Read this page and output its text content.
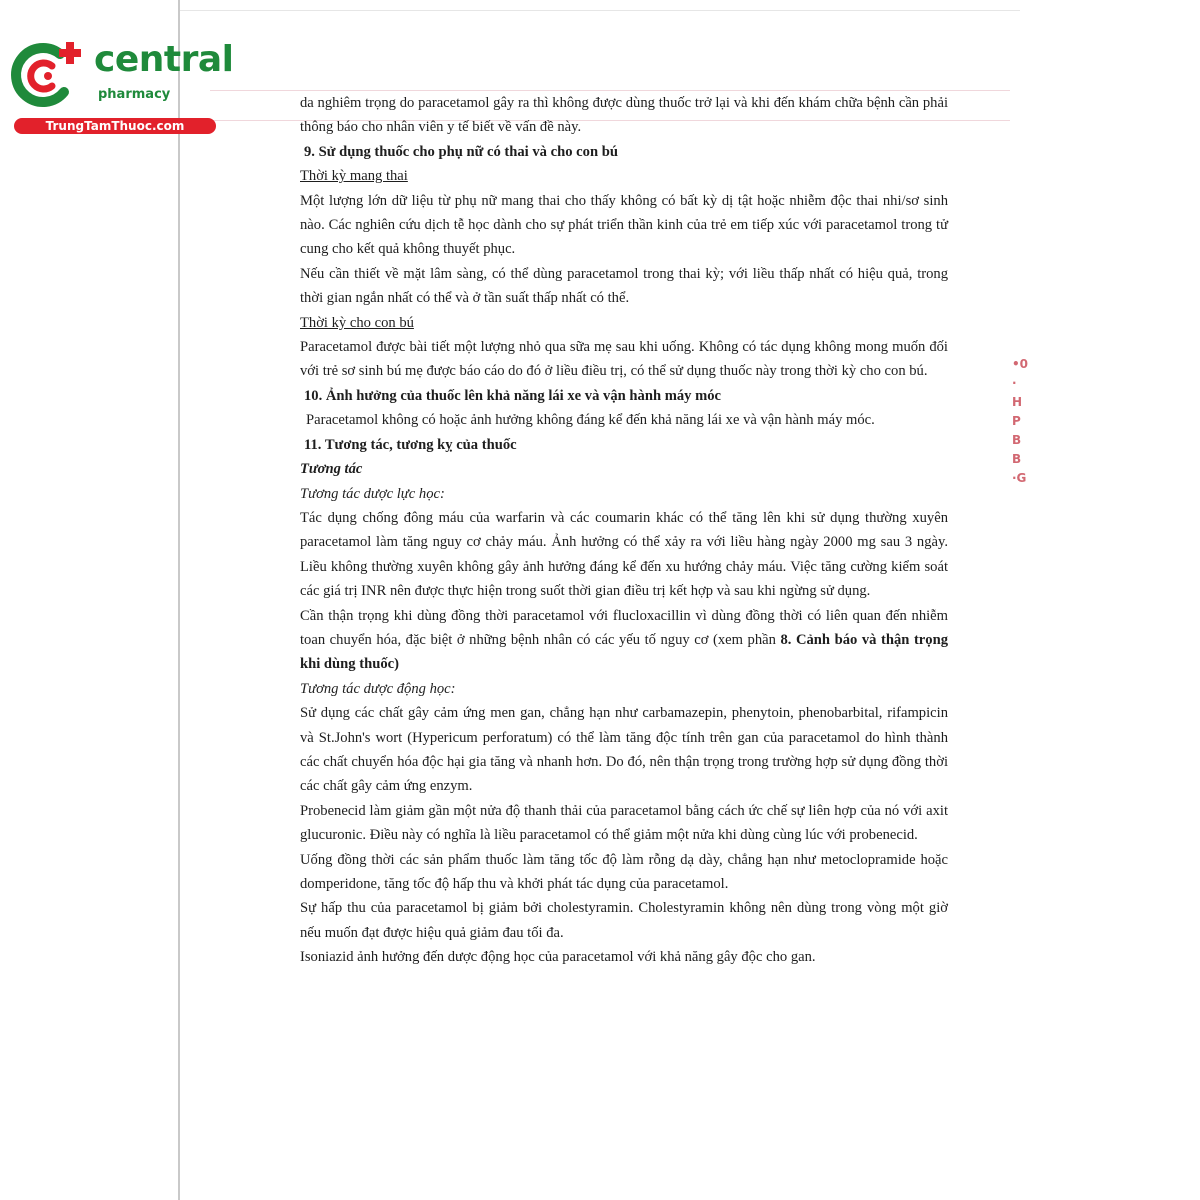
central
pharmacy
TrungTamThuoc.com
•0
·
H
P
B
B
·G

da nghiêm trọng do paracetamol gây ra thì không được dùng thuốc trở lại và khi đến khám chữa bệnh cần phải thông báo cho nhân viên y tế biết về vấn đề này.

9. Sử dụng thuốc cho phụ nữ có thai và cho con bú

Thời kỳ mang thai

Một lượng lớn dữ liệu từ phụ nữ mang thai cho thấy không có bất kỳ dị tật hoặc nhiễm độc thai nhi/sơ sinh nào. Các nghiên cứu dịch tễ học dành cho sự phát triển thần kinh của trẻ em tiếp xúc với paracetamol trong tử cung cho kết quả không thuyết phục.

Nếu cần thiết về mặt lâm sàng, có thể dùng paracetamol trong thai kỳ; với liều thấp nhất có hiệu quả, trong thời gian ngắn nhất có thể và ở tần suất thấp nhất có thể.

Thời kỳ cho con bú

Paracetamol được bài tiết một lượng nhỏ qua sữa mẹ sau khi uống. Không có tác dụng không mong muốn đối với trẻ sơ sinh bú mẹ được báo cáo do đó ở liều điều trị, có thể sử dụng thuốc này trong thời kỳ cho con bú.

10. Ảnh hưởng của thuốc lên khả năng lái xe và vận hành máy móc

Paracetamol không có hoặc ảnh hưởng không đáng kể đến khả năng lái xe và vận hành máy móc.

11. Tương tác, tương kỵ của thuốc

Tương tác

Tương tác dược lực học:

Tác dụng chống đông máu của warfarin và các coumarin khác có thể tăng lên khi sử dụng thường xuyên paracetamol làm tăng nguy cơ chảy máu. Ảnh hưởng có thể xảy ra với liều hàng ngày 2000 mg sau 3 ngày. Liều không thường xuyên không gây ảnh hưởng đáng kể đến xu hướng chảy máu. Việc tăng cường kiểm soát các giá trị INR nên được thực hiện trong suốt thời gian điều trị kết hợp và sau khi ngừng sử dụng.

Cần thận trọng khi dùng đồng thời paracetamol với flucloxacillin vì dùng đồng thời có liên quan đến nhiễm toan chuyển hóa, đặc biệt ở những bệnh nhân có các yếu tố nguy cơ (xem phần 8. Cảnh báo và thận trọng khi dùng thuốc)

Tương tác dược động học:

Sử dụng các chất gây cảm ứng men gan, chẳng hạn như carbamazepin, phenytoin, phenobarbital, rifampicin và St.John's wort (Hypericum perforatum) có thể làm tăng độc tính trên gan của paracetamol do hình thành các chất chuyển hóa độc hại gia tăng và nhanh hơn. Do đó, nên thận trọng trong trường hợp sử dụng đồng thời các chất gây cảm ứng enzym.

Probenecid làm giảm gần một nửa độ thanh thải của paracetamol bằng cách ức chế sự liên hợp của nó với axit glucuronic. Điều này có nghĩa là liều paracetamol có thể giảm một nửa khi dùng cùng lúc với probenecid.

Uống đồng thời các sản phẩm thuốc làm tăng tốc độ làm rỗng dạ dày, chẳng hạn như metoclopramide hoặc domperidone, tăng tốc độ hấp thu và khởi phát tác dụng của paracetamol.

Sự hấp thu của paracetamol bị giảm bởi cholestyramin. Cholestyramin không nên dùng trong vòng một giờ nếu muốn đạt được hiệu quả giảm đau tối đa.

Isoniazid ảnh hưởng đến dược động học của paracetamol với khả năng gây độc cho gan.
